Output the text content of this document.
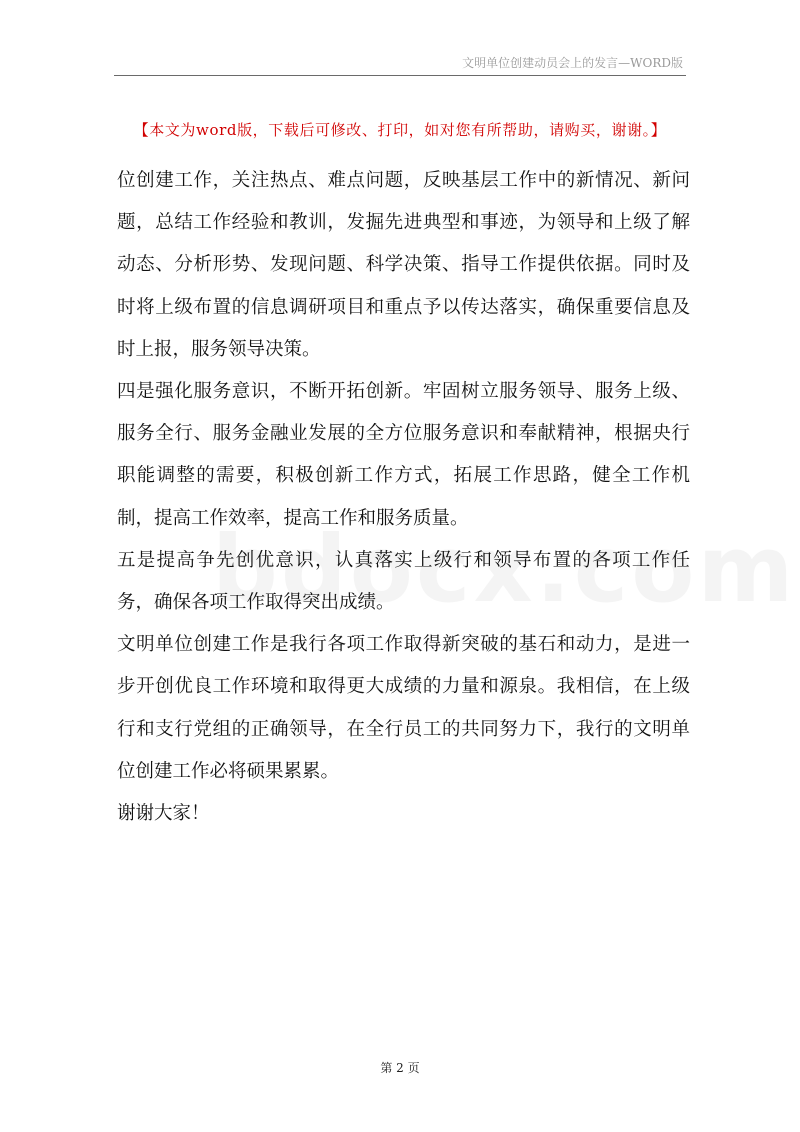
文明单位创建动员会上的发言—WORD版
【本文为word版，下载后可修改、打印，如对您有所帮助，请购买，谢谢。】

位创建工作，关注热点、难点问题，反映基层工作中的新情况、新问题，总结工作经验和教训，发掘先进典型和事迹，为领导和上级了解动态、分析形势、发现问题、科学决策、指导工作提供依据。同时及时将上级布置的信息调研项目和重点予以传达落实，确保重要信息及时上报，服务领导决策。

四是强化服务意识，不断开拓创新。牢固树立服务领导、服务上级、服务全行、服务金融业发展的全方位服务意识和奉献精神，根据央行职能调整的需要，积极创新工作方式，拓展工作思路，健全工作机制，提高工作效率，提高工作和服务质量。

五是提高争先创优意识，认真落实上级行和领导布置的各项工作任务，确保各项工作取得突出成绩。

文明单位创建工作是我行各项工作取得新突破的基石和动力，是进一步开创优良工作环境和取得更大成绩的力量和源泉。我相信，在上级行和支行党组的正确领导，在全行员工的共同努力下，我行的文明单位创建工作必将硕果累累。

谢谢大家！

第 2 页
